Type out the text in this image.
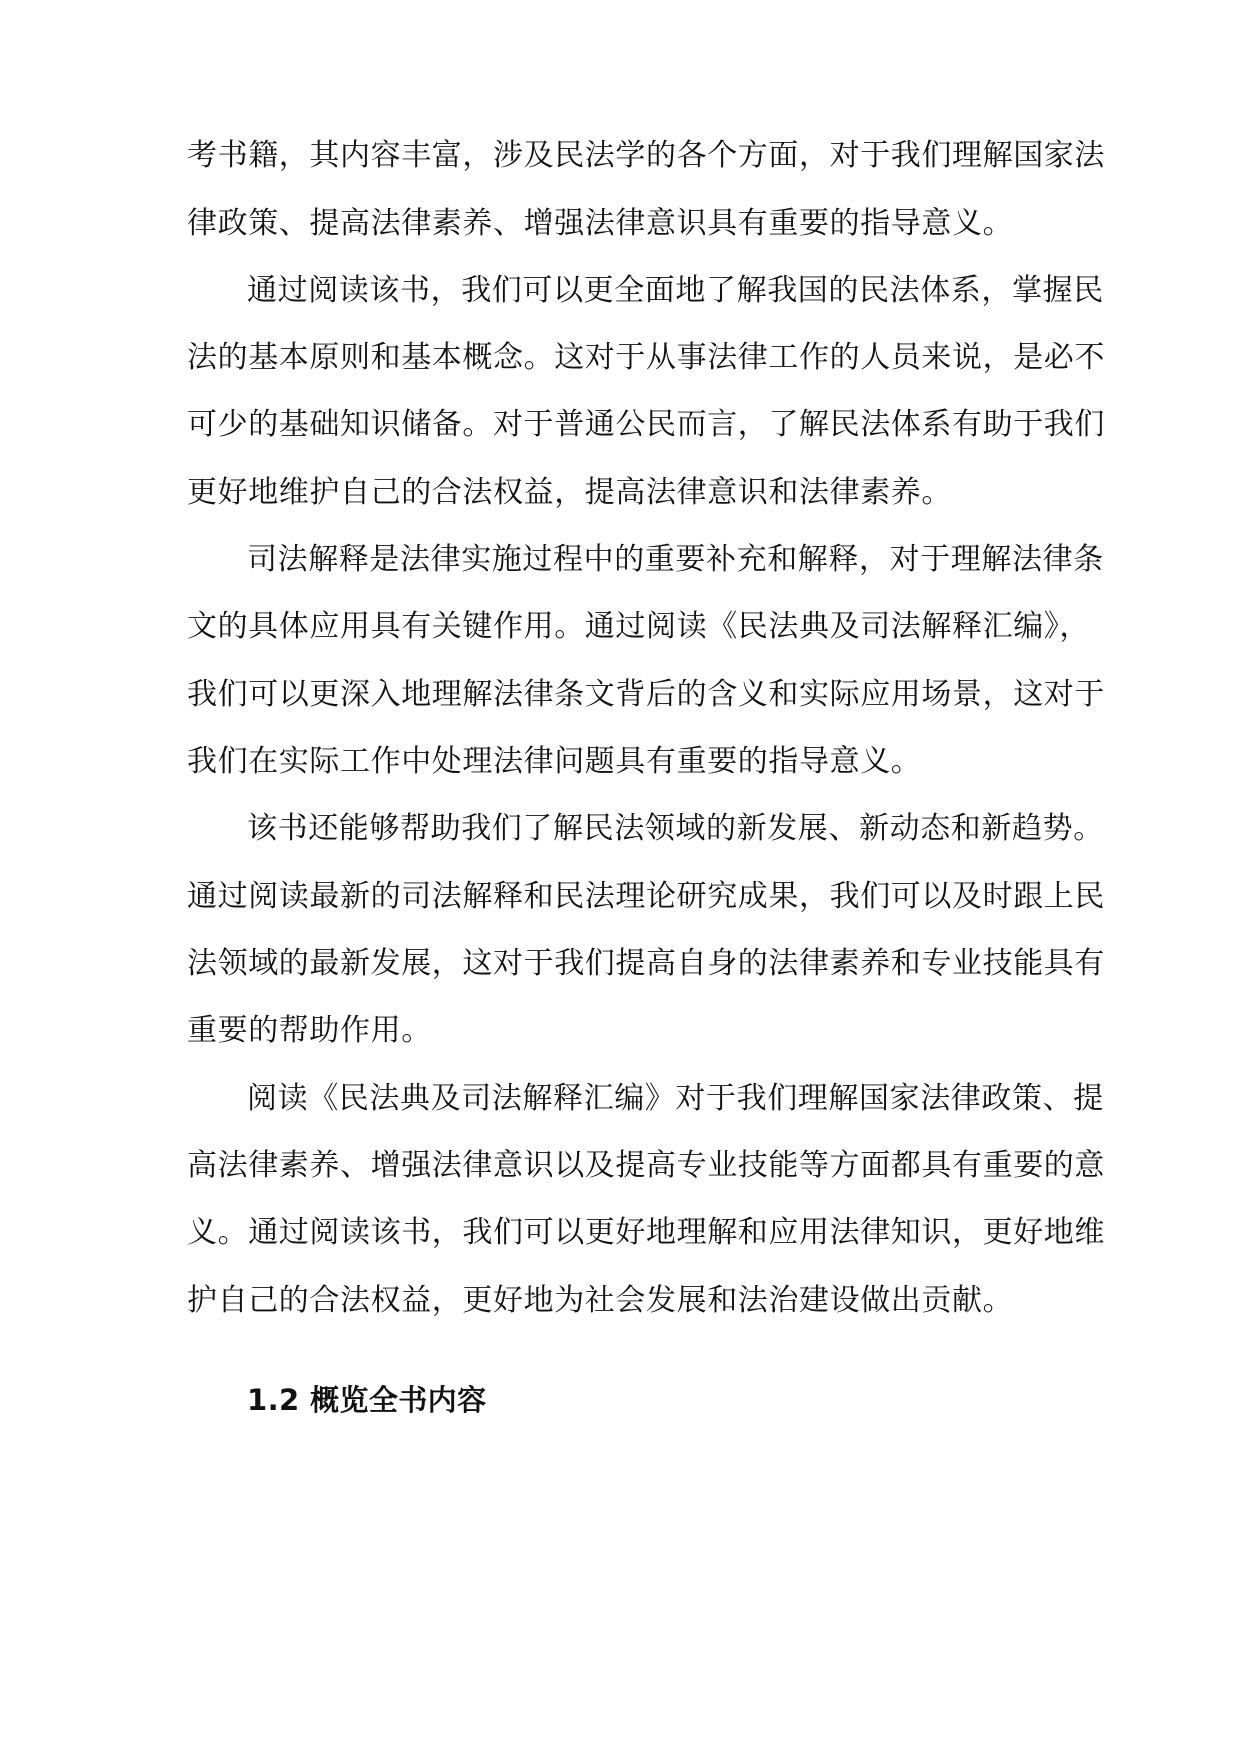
考书籍，其内容丰富，涉及民法学的各个方面，对于我们理解国家法
律政策、提高法律素养、增强法律意识具有重要的指导意义。
通过阅读该书，我们可以更全面地了解我国的民法体系，掌握民
法的基本原则和基本概念。这对于从事法律工作的人员来说，是必不
可少的基础知识储备。对于普通公民而言，了解民法体系有助于我们
更好地维护自己的合法权益，提高法律意识和法律素养。
司法解释是法律实施过程中的重要补充和解释，对于理解法律条
文的具体应用具有关键作用。通过阅读《民法典及司法解释汇编》，
我们可以更深入地理解法律条文背后的含义和实际应用场景，这对于
我们在实际工作中处理法律问题具有重要的指导意义。
该书还能够帮助我们了解民法领域的新发展、新动态和新趋势。
通过阅读最新的司法解释和民法理论研究成果，我们可以及时跟上民
法领域的最新发展，这对于我们提高自身的法律素养和专业技能具有
重要的帮助作用。
阅读《民法典及司法解释汇编》对于我们理解国家法律政策、提
高法律素养、增强法律意识以及提高专业技能等方面都具有重要的意
义。通过阅读该书，我们可以更好地理解和应用法律知识，更好地维
护自己的合法权益，更好地为社会发展和法治建设做出贡献。
1.2 概览全书内容
